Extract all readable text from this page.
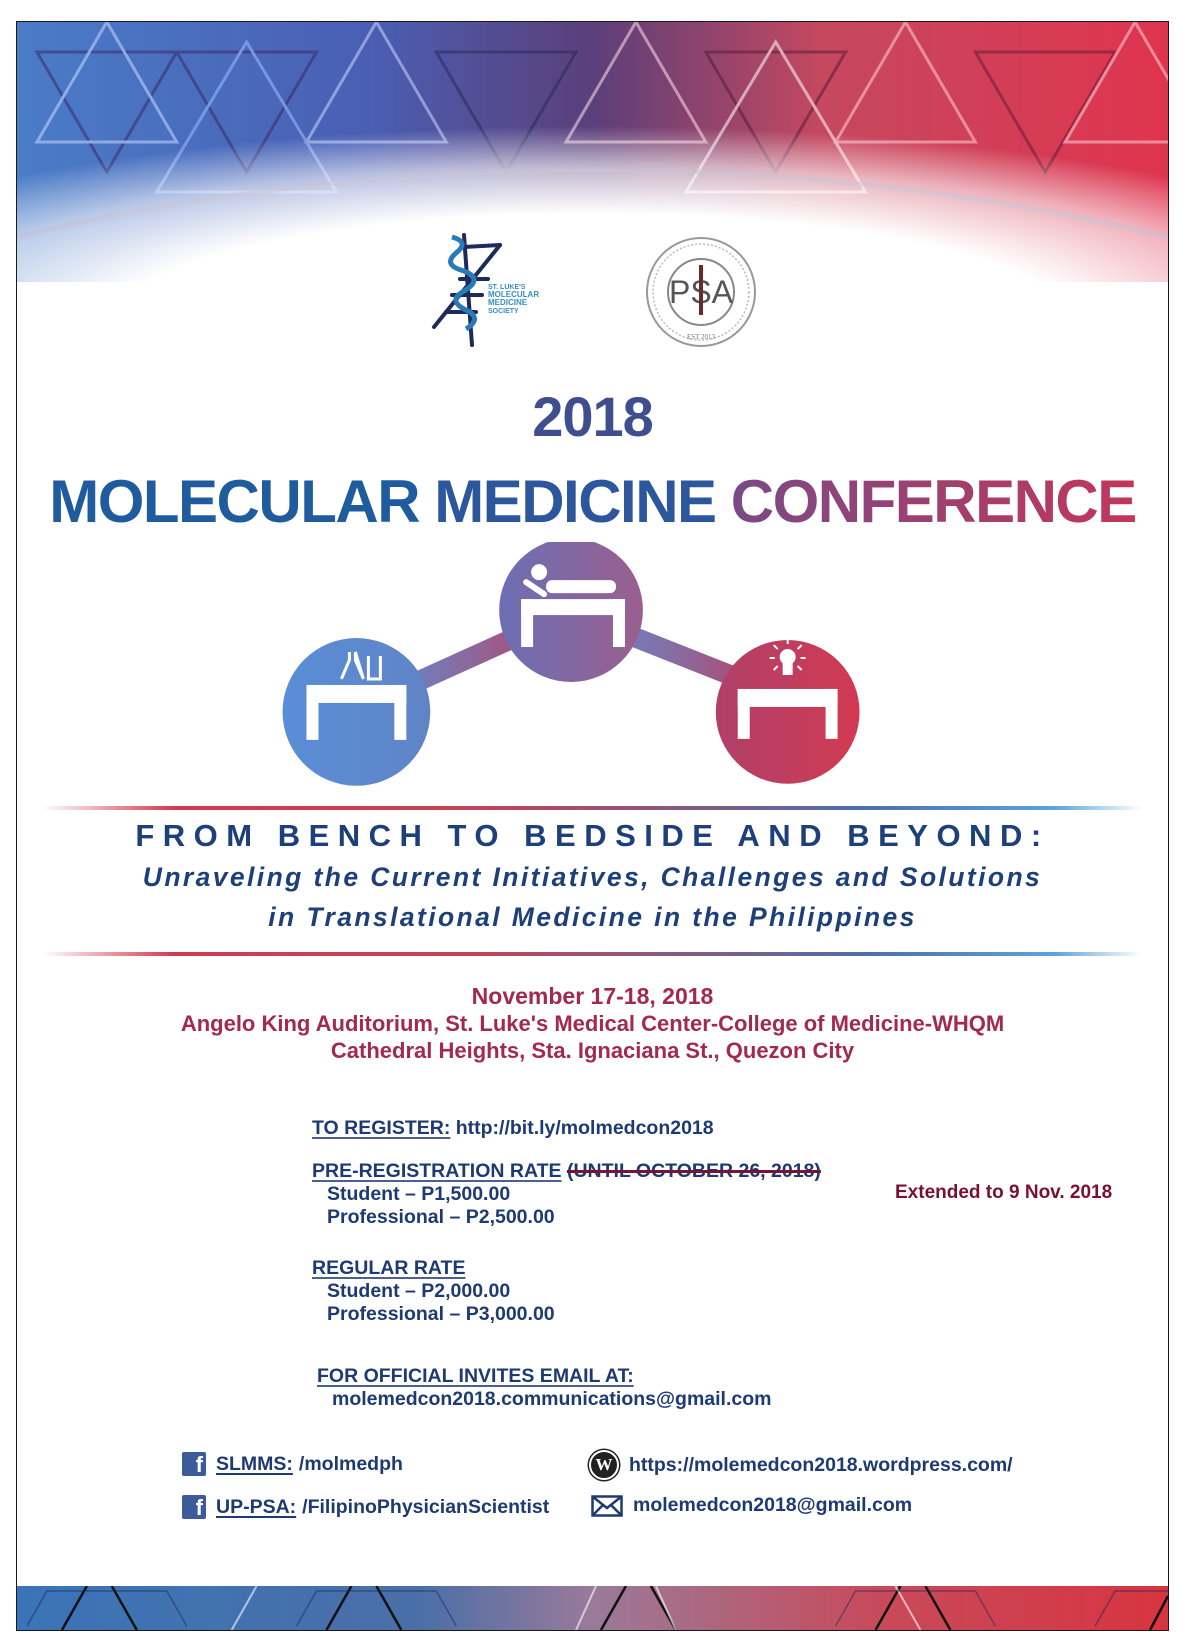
ST. LUKE'S
MOLECULAR
MEDICINE
SOCIETY
PSA
EST 2013
2018
MOLECULAR MEDICINE CONFERENCE
FROM BENCH TO BEDSIDE AND BEYOND:
Unraveling the Current Initiatives, Challenges and Solutions
in Translational Medicine in the Philippines
November 17-18, 2018
Angelo King Auditorium, St. Luke's Medical Center-College of Medicine-WHQM
Cathedral Heights, Sta. Ignaciana St., Quezon City
TO REGISTER: http://bit.ly/molmedcon2018
PRE-REGISTRATION RATE (UNTIL OCTOBER 26, 2018)
Student – P1,500.00
Professional – P2,500.00
Extended to 9 Nov. 2018
REGULAR RATE
Student – P2,000.00
Professional – P3,000.00
FOR OFFICIAL INVITES EMAIL AT:
molemedcon2018.communications@gmail.com
f SLMMS: /molmedph
f UP-PSA: /FilipinoPhysicianScientist
W https://molemedcon2018.wordpress.com/
molemedcon2018@gmail.com
